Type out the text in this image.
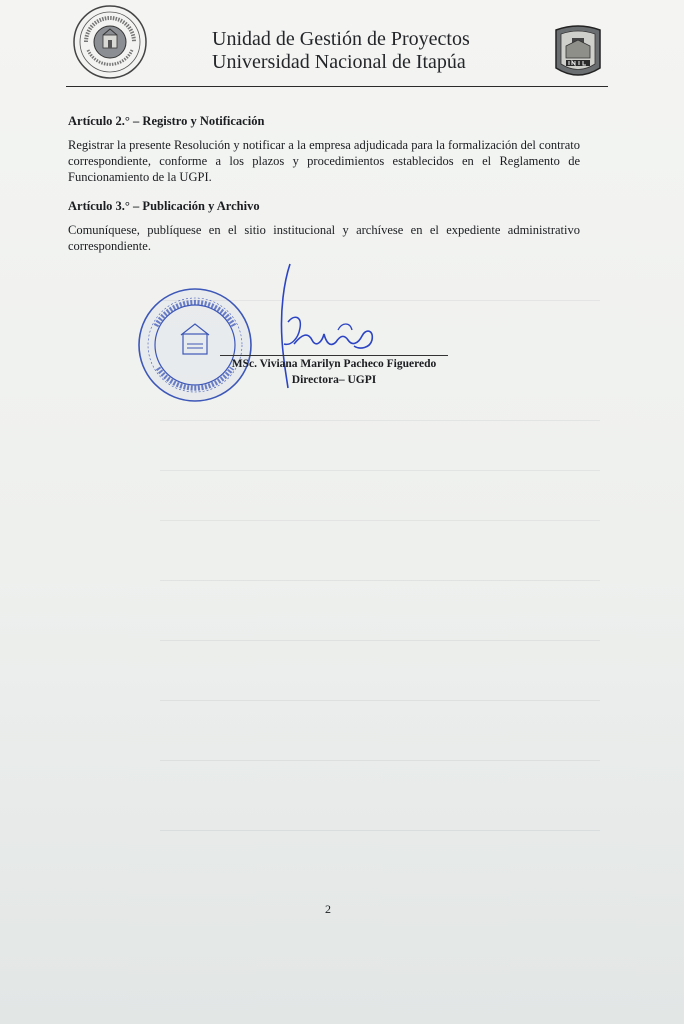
Unidad de Gestión de Proyectos
Universidad Nacional de Itapúa
Artículo 2.° – Registro y Notificación
Registrar la presente Resolución y notificar a la empresa adjudicada para la formalización del contrato correspondiente, conforme a los plazos y procedimientos establecidos en el Reglamento de Funcionamiento de la UGPI.
Artículo 3.° – Publicación y Archivo
Comuníquese, publíquese en el sitio institucional y archívese en el expediente administrativo correspondiente.
MSc. Viviana Marilyn Pacheco Figueredo
Directora– UGPI
2
